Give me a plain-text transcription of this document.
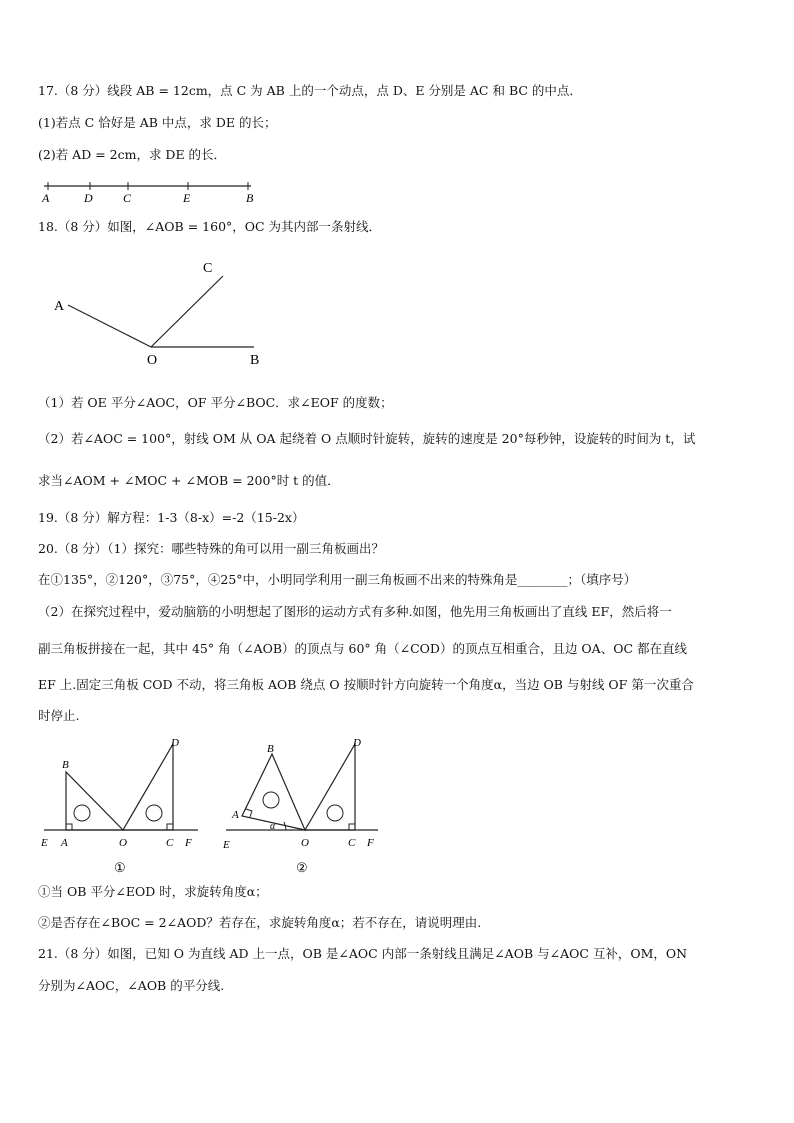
17.（8 分）线段 AB = 12cm，点 C 为 AB 上的一个动点，点 D、E 分别是 AC 和 BC 的中点．
(1)若点 C 恰好是 AB 中点，求 DE 的长；
(2)若 AD = 2cm，求 DE 的长．
A	D	C	E	B
18.（8 分）如图，∠AOB = 160°，OC 为其内部一条射线．
A
C
O	B
（1）若 OE 平分∠AOC，OF 平分∠BOC．求∠EOF 的度数；
（2）若∠AOC = 100°，射线 OM 从 OA 起绕着 O 点顺时针旋转，旋转的速度是 20°每秒钟，设旋转的时间为 t，试
求当∠AOM + ∠MOC + ∠MOB = 200°时 t 的值．
19.（8 分）解方程：1-3（8-x）=-2（15-2x）
20.（8 分）（1）探究：哪些特殊的角可以用一副三角板画出？
在①135°，②120°，③75°，④25°中，小明同学利用一副三角板画不出来的特殊角是________；（填序号）
（2）在探究过程中，爱动脑筋的小明想起了图形的运动方式有多种.如图，他先用三角板画出了直线 EF，然后将一
副三角板拼接在一起，其中 45° 角（∠AOB）的顶点与 60° 角（∠COD）的顶点互相重合，且边 OA、OC 都在直线
EF 上.固定三角板 COD 不动，将三角板 AOB 绕点 O 按顺时针方向旋转一个角度α，当边 OB 与射线 OF 第一次重合
时停止.
B
D
E A	O	C F
①
B	D
A
α
E	O	C F
②
①当 OB 平分∠EOD 时，求旋转角度α；
②是否存在∠BOC = 2∠AOD？若存在，求旋转角度α；若不存在，请说明理由.
21.（8 分）如图，已知 O 为直线 AD 上一点，OB 是∠AOC 内部一条射线且满足∠AOB 与∠AOC 互补，OM，ON
分别为∠AOC，∠AOB 的平分线.
